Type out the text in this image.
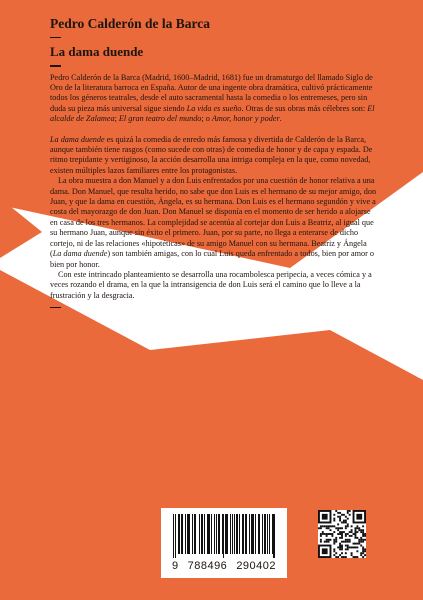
Pedro Calderón de la Barca
La dama duende

Pedro Calderón de la Barca (Madrid, 1600–Madrid, 1681) fue un dramaturgo del llamado Siglo de Oro de la literatura barroca en España. Autor de una ingente obra dramática, cultivó prácticamente todos los géneros teatrales, desde el auto sacramental hasta la comedia o los entremeses, pero sin duda su pieza más universal sigue siendo La vida es sueño. Otras de sus obras más célebres son: El alcalde de Zalamea; El gran teatro del mundo; o Amor, honor y poder.

La dama duende es quizá la comedia de enredo más famosa y divertida de Calderón de la Barca, aunque también tiene rasgos (como sucede con otras) de comedia de honor y de capa y espada. De ritmo trepidante y vertiginoso, la acción desarrolla una intriga compleja en la que, como novedad, existen múltiples lazos familiares entre los protagonistas.

La obra muestra a don Manuel y a don Luis enfrentados por una cuestión de honor relativa a una dama. Don Manuel, que resulta herido, no sabe que don Luis es el hermano de su mejor amigo, don Juan, y que la dama en cuestión, Ángela, es su hermana. Don Luis es el hermano segundón y vive a costa del mayorazgo de don Juan. Don Manuel se disponía en el momento de ser herido a alojarse en casa de los tres hermanos. La complejidad se acentúa al cortejar don Luis a Beatriz, al igual que su hermano Juan, aunque sin éxito el primero. Juan, por su parte, no llega a enterarse de dicho cortejo, ni de las relaciones «hipotéticas» de su amigo Manuel con su hermana. Beatriz y Ángela (La dama duende) son también amigas, con lo cual Luis queda enfrentado a todos, bien por amor o bien por honor.

Con este intrincado planteamiento se desarrolla una rocambolesca peripecia, a veces cómica y a veces rozando el drama, en la que la intransigencia de don Luis será el camino que lo lleve a la frustración y la desgracia.

9 788496 290402
